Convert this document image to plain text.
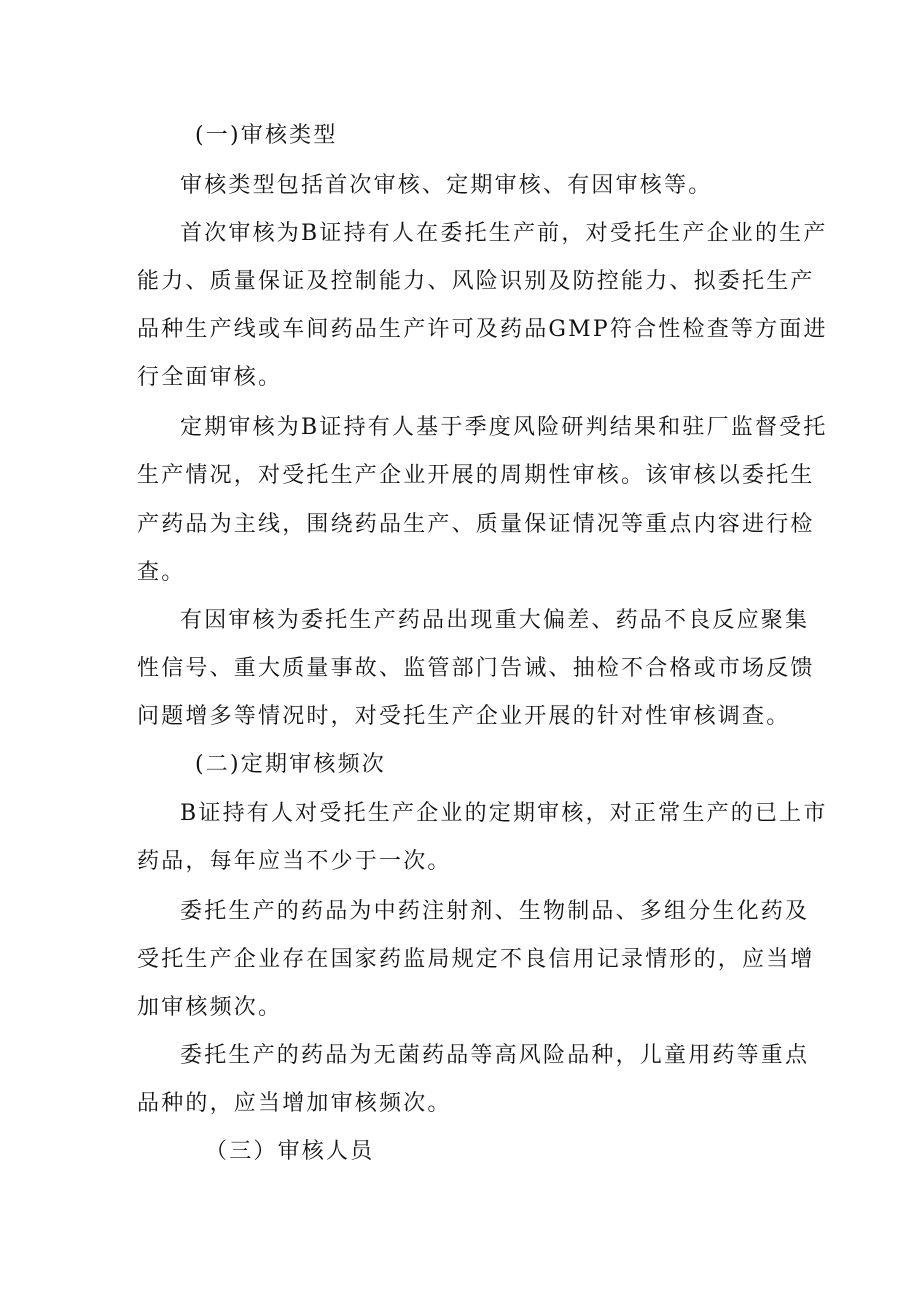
(一)审核类型
审核类型包括首次审核、定期审核、有因审核等。
首次审核为B证持有人在委托生产前，对受托生产企业的生产
能力、质量保证及控制能力、风险识别及防控能力、拟委托生产
品种生产线或车间药品生产许可及药品GMP符合性检查等方面进
行全面审核。
定期审核为B证持有人基于季度风险研判结果和驻厂监督受托
生产情况，对受托生产企业开展的周期性审核。该审核以委托生
产药品为主线，围绕药品生产、质量保证情况等重点内容进行检
查。
有因审核为委托生产药品出现重大偏差、药品不良反应聚集
性信号、重大质量事故、监管部门告诫、抽检不合格或市场反馈
问题增多等情况时，对受托生产企业开展的针对性审核调查。
(二)定期审核频次
B证持有人对受托生产企业的定期审核，对正常生产的已上市
药品，每年应当不少于一次。
委托生产的药品为中药注射剂、生物制品、多组分生化药及
受托生产企业存在国家药监局规定不良信用记录情形的，应当增
加审核频次。
委托生产的药品为无菌药品等高风险品种，儿童用药等重点
品种的，应当增加审核频次。
（三）审核人员
